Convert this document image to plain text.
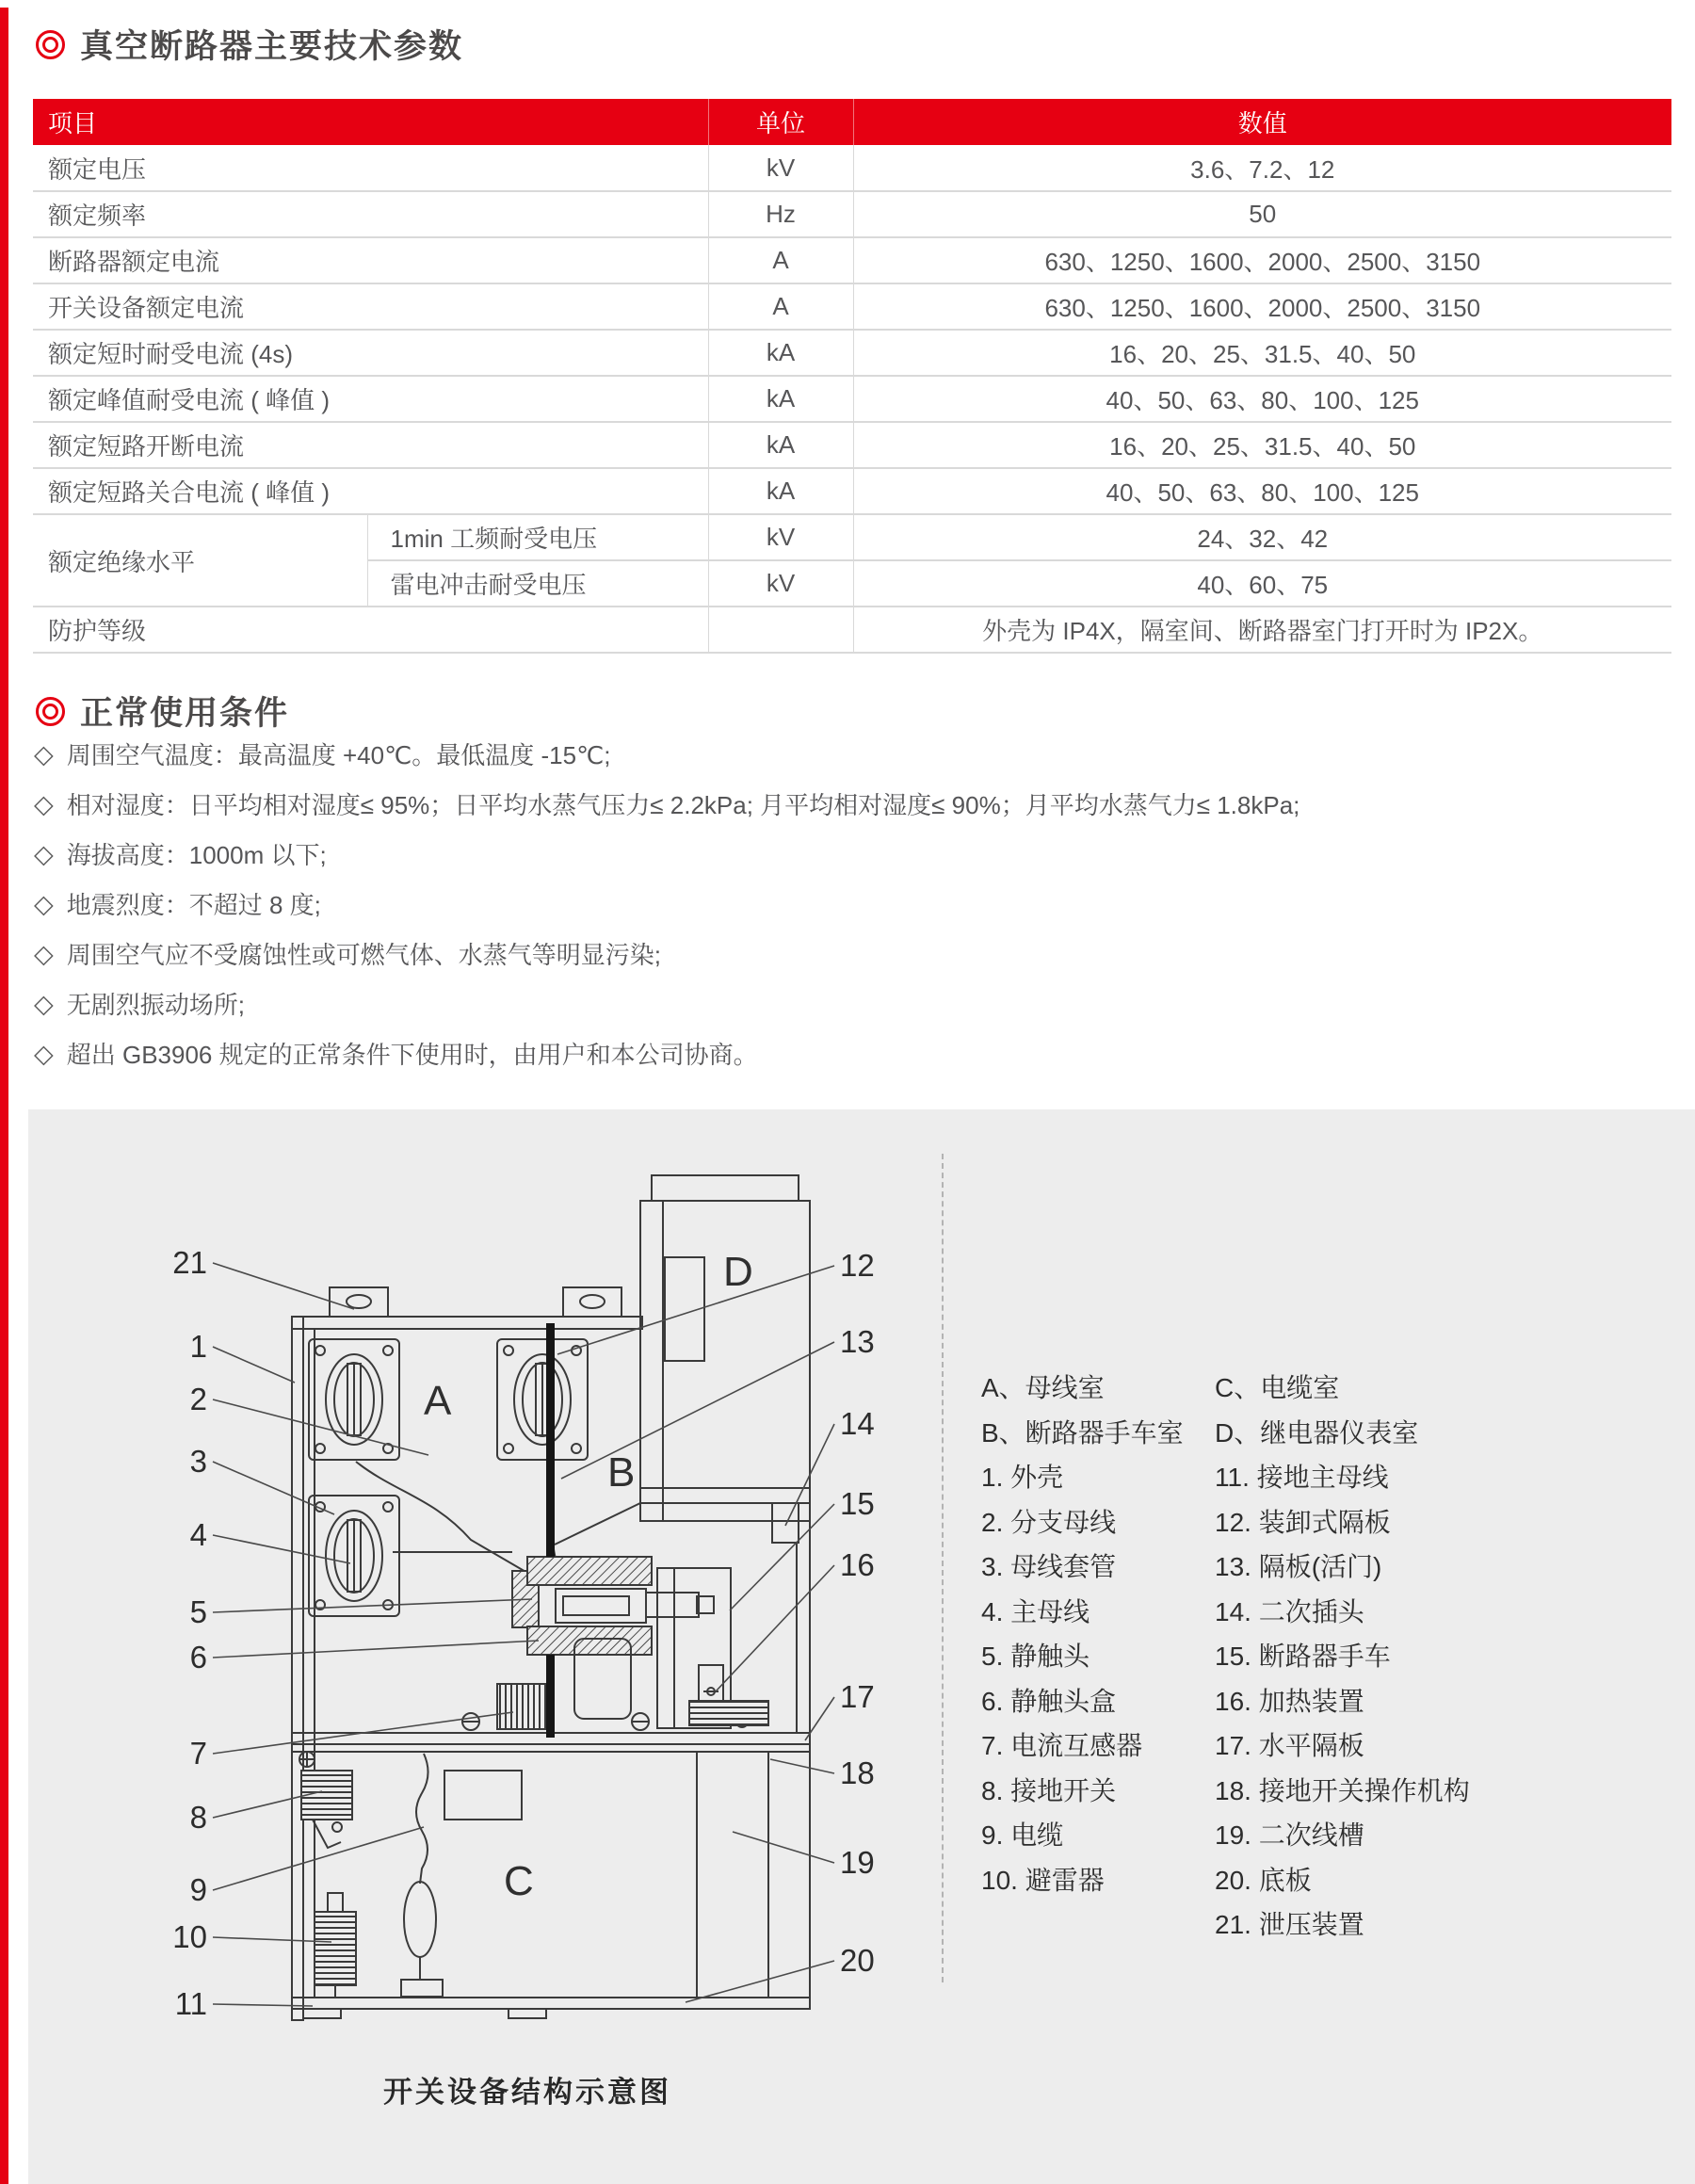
真空断路器主要技术参数
项目		单位	数值
额定电压		kV	3.6、7.2、12
额定频率		Hz	50
断路器额定电流		A	630、1250、1600、2000、2500、3150
开关设备额定电流		A	630、1250、1600、2000、2500、3150
额定短时耐受电流 (4s)		kA	16、20、25、31.5、40、50
额定峰值耐受电流 ( 峰值 )		kA	40、50、63、80、100、125
额定短路开断电流		kA	16、20、25、31.5、40、50
额定短路关合电流 ( 峰值 )		kA	40、50、63、80、100、125
额定绝缘水平	1min 工频耐受电压	kV	24、32、42
	雷电冲击耐受电压	kV	40、60、75
防护等级			外壳为 IP4X，隔室间、断路器室门打开时为 IP2X。
正常使用条件
◇ 周围空气温度：最高温度 +40℃。最低温度 -15℃;
◇ 相对湿度：日平均相对湿度≤ 95%；日平均水蒸气压力≤ 2.2kPa; 月平均相对湿度≤ 90%；月平均水蒸气力≤ 1.8kPa;
◇ 海拔高度：1000m 以下;
◇ 地震烈度：不超过 8 度;
◇ 周围空气应不受腐蚀性或可燃气体、水蒸气等明显污染;
◇ 无剧烈振动场所;
◇ 超出 GB3906 规定的正常条件下使用时，由用户和本公司协商。
A
B
C
D
21
1
2
3
4
5
6
7
8
9
10
11
12
13
14
15
16
17
18
19
20
开关设备结构示意图
A、母线室
B、断路器手车室
1. 外壳
2. 分支母线
3. 母线套管
4. 主母线
5. 静触头
6. 静触头盒
7. 电流互感器
8. 接地开关
9. 电缆
10. 避雷器
C、电缆室
D、继电器仪表室
11. 接地主母线
12. 装卸式隔板
13. 隔板(活门)
14. 二次插头
15. 断路器手车
16. 加热装置
17. 水平隔板
18. 接地开关操作机构
19. 二次线槽
20. 底板
21. 泄压装置
